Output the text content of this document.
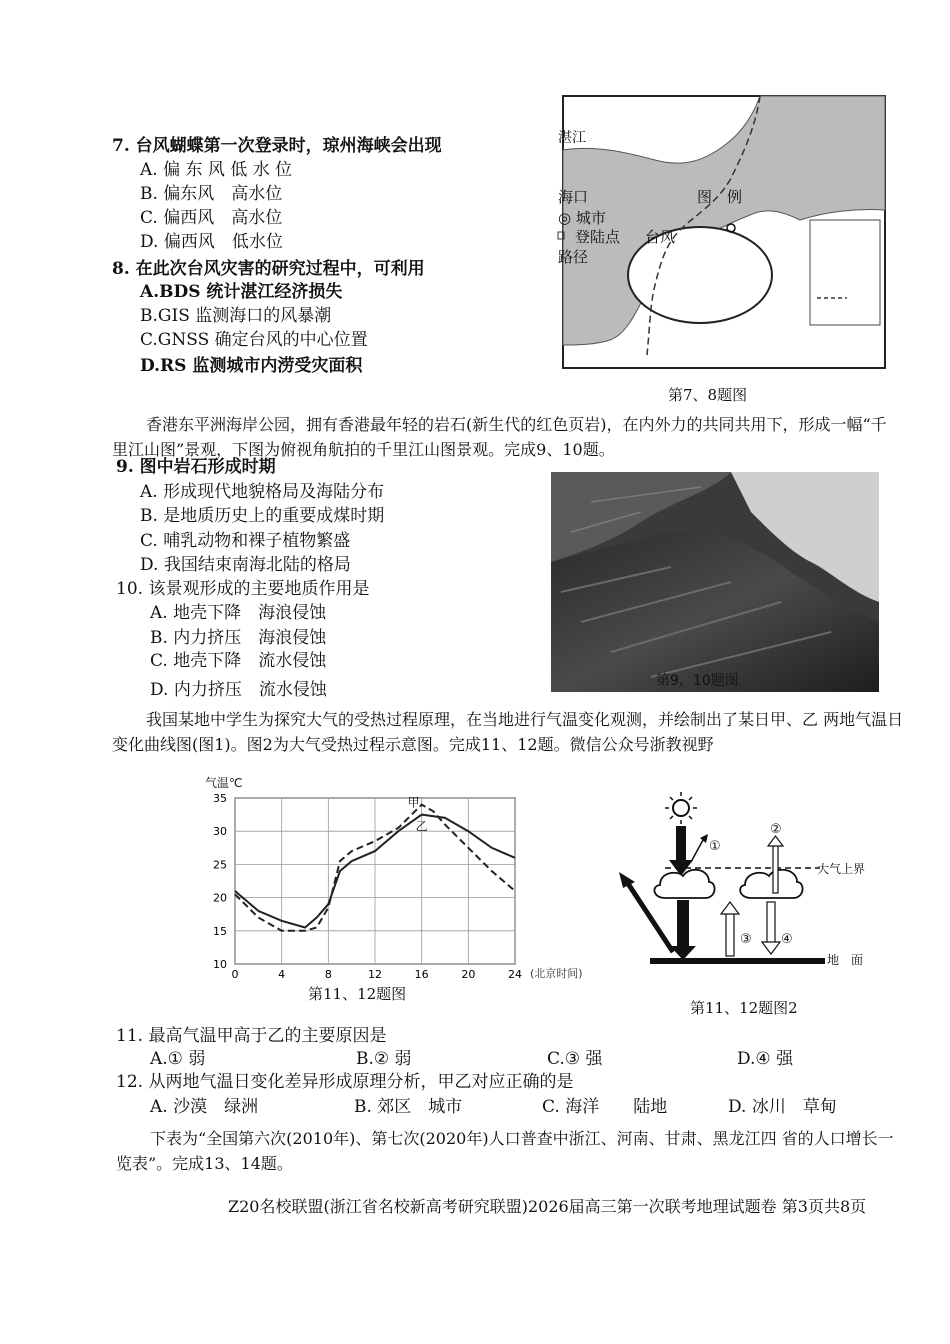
7. 台风蝴蝶第一次登录时，琼州海峡会出现
A. 偏 东 风 低 水 位
B. 偏东风　高水位
C. 偏西风　高水位
D. 偏西风　低水位
8. 在此次台风灾害的研究过程中，可利用
A.BDS 统计湛江经济损失
B.GIS 监测海口的风暴潮
C.GNSS 确定台风的中心位置
D.RS 监测城市内涝受灾面积
湛江
海口	图　例
◎ 城市
登陆点 台风
路径
第7、8题图
香港东平洲海岸公园，拥有香港最年轻的岩石(新生代的红色页岩)，在内外力的共同共用下，形成一幅“千里江山图”景观，下图为俯视角航拍的千里江山图景观。完成9、10题。
9. 图中岩石形成时期
A. 形成现代地貌格局及海陆分布
B. 是地质历史上的重要成煤时期
C. 哺乳动物和裸子植物繁盛
D. 我国结束南海北陆的格局
10. 该景观形成的主要地质作用是
A. 地壳下降　海浪侵蚀
B. 内力挤压　海浪侵蚀
C. 地壳下降　流水侵蚀
D. 内力挤压　流水侵蚀	第9、10题图
我国某地中学生为探究大气的受热过程原理，在当地进行气温变化观测，并绘制出了某日甲、乙 两地气温日变化曲线图(图1)。图2为大气受热过程示意图。完成11、12题。微信公众号浙教视野
气温℃
10
15
20
25
30
35
0	4	8	12	16	20	24
甲
乙
(北京时间)
第11、12题图
大气上界
地　面
①
②
③ ④
第11、12题图2
11. 最高气温甲高于乙的主要原因是
A.① 弱	B.② 弱	C.③ 强	D.④ 强
12. 从两地气温日变化差异形成原理分析，甲乙对应正确的是
A. 沙漠　绿洲	B. 郊区　城市	C. 海洋　　陆地	D. 冰川　草甸
下表为“全国第六次(2010年)、第七次(2020年)人口普查中浙江、河南、甘肃、黑龙江四 省的人口增长一览表”。完成13、14题。
Z20名校联盟(浙江省名校新高考研究联盟)2026届高三第一次联考地理试题卷 第3页共8页
